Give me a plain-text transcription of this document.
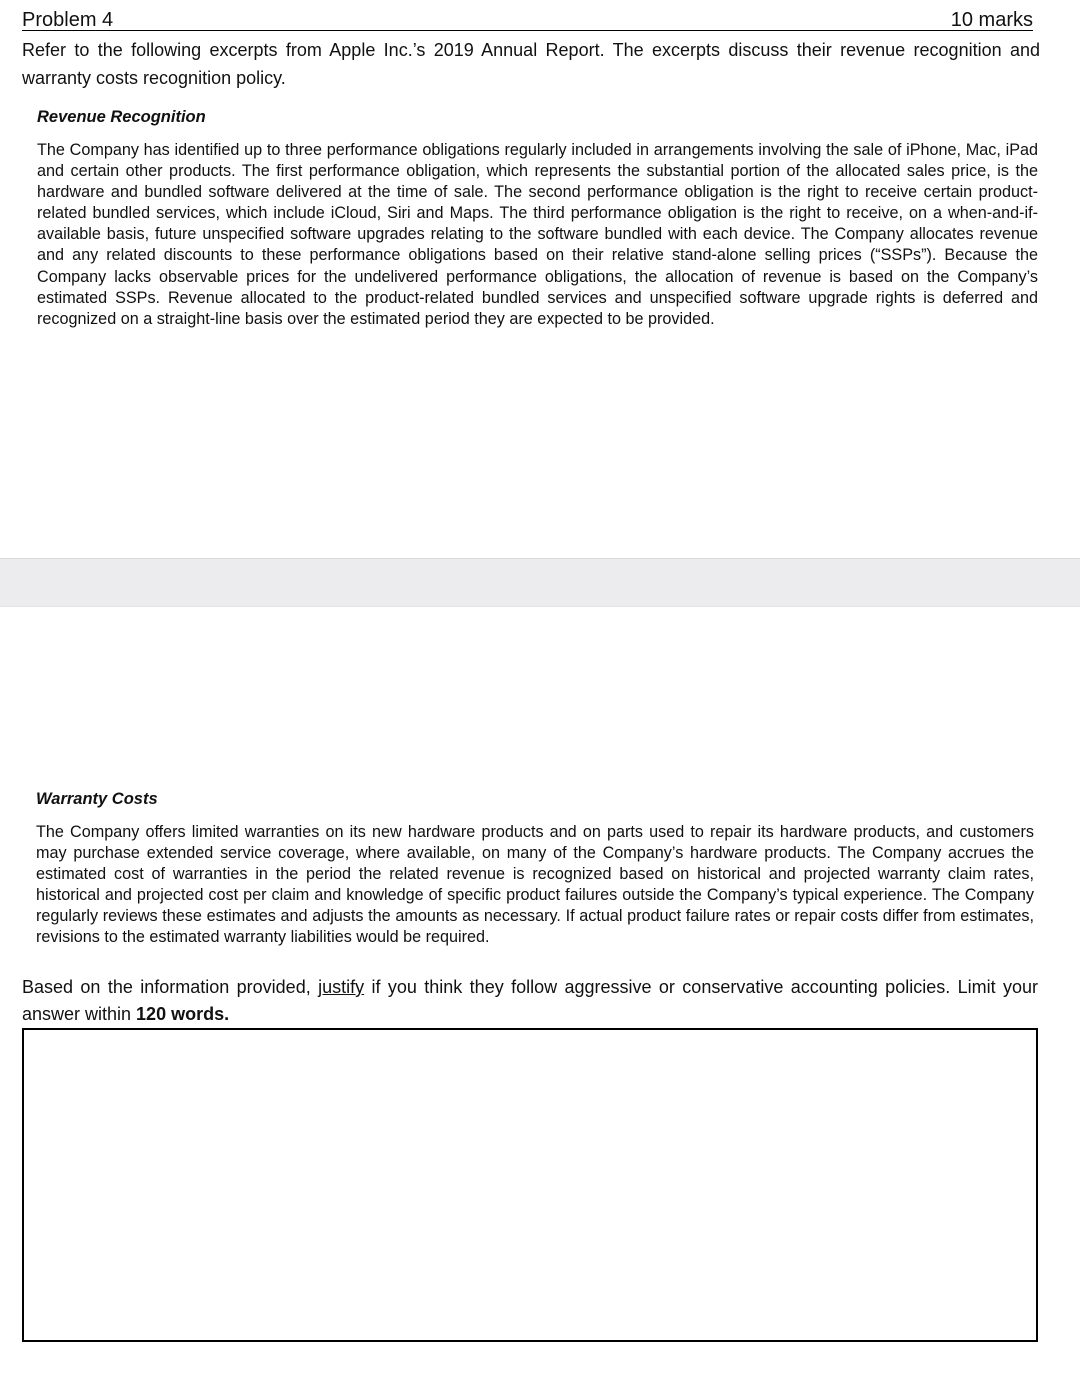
Problem 4	10 marks
Refer to the following excerpts from Apple Inc.’s 2019 Annual Report. The excerpts discuss their revenue recognition and warranty costs recognition policy.
Revenue Recognition
The Company has identified up to three performance obligations regularly included in arrangements involving the sale of iPhone, Mac, iPad and certain other products. The first performance obligation, which represents the substantial portion of the allocated sales price, is the hardware and bundled software delivered at the time of sale. The second performance obligation is the right to receive certain product-related bundled services, which include iCloud, Siri and Maps. The third performance obligation is the right to receive, on a when-and-if-available basis, future unspecified software upgrades relating to the software bundled with each device. The Company allocates revenue and any related discounts to these performance obligations based on their relative stand-alone selling prices (“SSPs”). Because the Company lacks observable prices for the undelivered performance obligations, the allocation of revenue is based on the Company’s estimated SSPs. Revenue allocated to the product-related bundled services and unspecified software upgrade rights is deferred and recognized on a straight-line basis over the estimated period they are expected to be provided.
Warranty Costs
The Company offers limited warranties on its new hardware products and on parts used to repair its hardware products, and customers may purchase extended service coverage, where available, on many of the Company’s hardware products. The Company accrues the estimated cost of warranties in the period the related revenue is recognized based on historical and projected warranty claim rates, historical and projected cost per claim and knowledge of specific product failures outside the Company’s typical experience. The Company regularly reviews these estimates and adjusts the amounts as necessary. If actual product failure rates or repair costs differ from estimates, revisions to the estimated warranty liabilities would be required.
Based on the information provided, justify if you think they follow aggressive or conservative accounting policies. Limit your answer within 120 words.
